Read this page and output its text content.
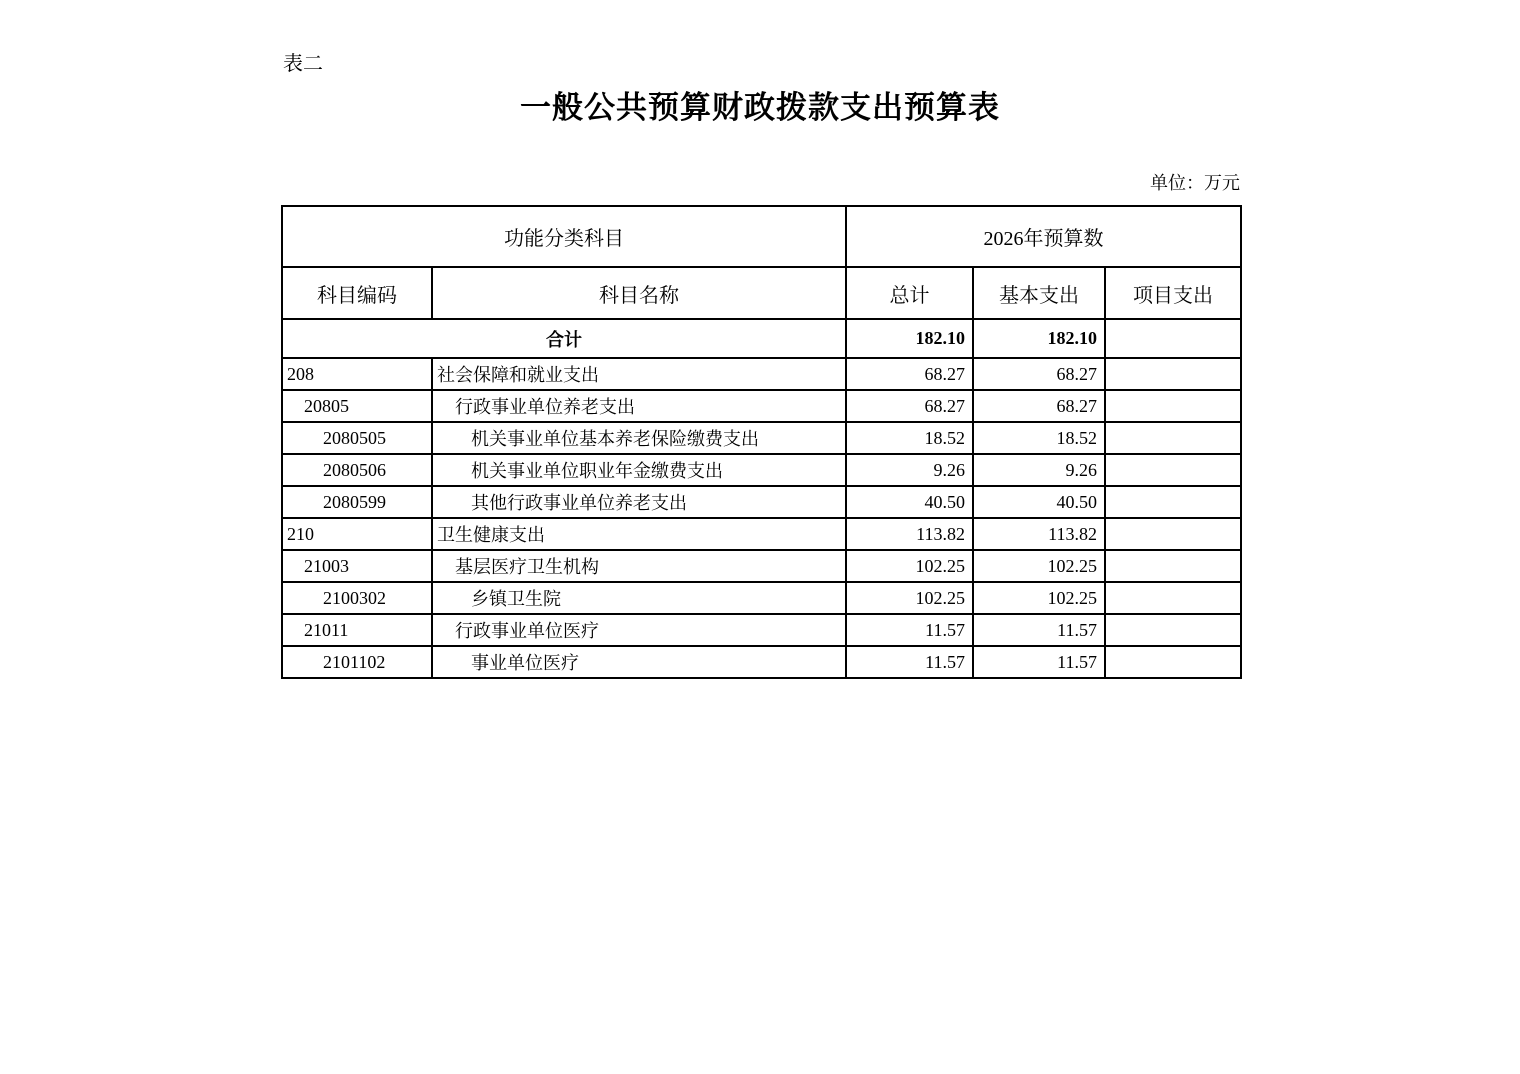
表二
一般公共预算财政拨款支出预算表
单位：万元
功能分类科目		2026年预算数		
科目编码	科目名称	总计	基本支出	项目支出
合计		182.10	182.10	
208	社会保障和就业支出	68.27	68.27	
20805	行政事业单位养老支出	68.27	68.27	
2080505	机关事业单位基本养老保险缴费支出	18.52	18.52	
2080506	机关事业单位职业年金缴费支出	9.26	9.26	
2080599	其他行政事业单位养老支出	40.50	40.50	
210	卫生健康支出	113.82	113.82	
21003	基层医疗卫生机构	102.25	102.25	
2100302	乡镇卫生院	102.25	102.25	
21011	行政事业单位医疗	11.57	11.57	
2101102	事业单位医疗	11.57	11.57	
